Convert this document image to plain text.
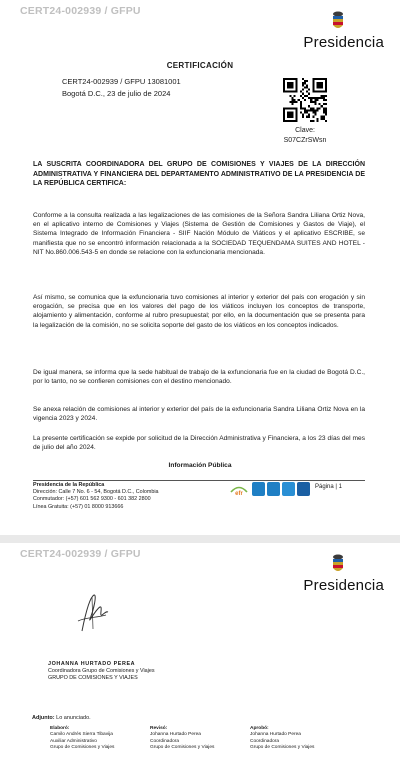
CERT24-002939 / GFPU
Presidencia
CERTIFICACIÓN
CERT24-002939 / GFPU 13081001
Bogotá D.C., 23 de julio de 2024
Clave:
S07CZrSWsn
LA SUSCRITA COORDINADORA DEL GRUPO DE COMISIONES Y VIAJES DE LA DIRECCIÓN ADMINISTRATIVA Y FINANCIERA DEL DEPARTAMENTO ADMINISTRATIVO DE LA PRESIDENCIA DE LA REPÚBLICA CERTIFICA:
Conforme a la consulta realizada a las legalizaciones de las comisiones de la Señora Sandra Liliana Ortiz Nova, en el aplicativo interno de Comisiones y Viajes (Sistema de Gestión de Comisiones y Gastos de Viaje), el Sistema Integrado de Información Financiera - SIIF Nación Módulo de Viáticos y el aplicativo ESCRIBE, se manifiesta que no se encontró información relacionada a la SOCIEDAD TEQUENDAMA SUITES AND HOTEL - NIT No.860.006.543-5 en donde se relacione con la exfuncionaria mencionada.
Así mismo, se comunica que la exfuncionaria tuvo comisiones al interior y exterior del país con erogación y sin erogación, se precisa que en los valores del pago de los viáticos incluyen los conceptos de transporte, alojamiento y alimentación, conforme al rubro presupuestal; por ello, en la documentación que se presenta para la legalización de la comisión, no se solicita soporte del gasto de los viáticos en los conceptos indicados.
De igual manera, se informa que la sede habitual de trabajo de la exfuncionaria fue en la ciudad de Bogotá D.C., por lo tanto, no se confieren comisiones con el destino mencionado.
Se anexa relación de comisiones al interior y exterior del país de la exfuncionaria Sandra Liliana Ortiz Nova en la vigencia 2023 y 2024.
La presente certificación se expide por solicitud de la Dirección Administrativa y Financiera, a los 23 días del mes de julio del año 2024.
Información Pública
Presidencia de la República
Dirección: Calle 7 No. 6 - 54, Bogotá D.C., Colombia
Conmutador: (+57) 601 562 9300 - 601 382 2800
Línea Gratuita: (+57) 01 8000 913666
efr
Página | 1
CERT24-002939 / GFPU
Presidencia
JOHANNA HURTADO PEREA
Coordinadora Grupo de Comisiones y Viajes
GRUPO DE COMISIONES Y VIAJES
Adjunto: Lo anunciado.
Elaboró:
Camilo Andrés Sierra Tibavija
Auxiliar Administrativo
Grupo de Comisiones y Viajes
Revisó:
Johanna Hurtado Perea
Coordinadora
Grupo de Comisiones y Viajes
Aprobó:
Johanna Hurtado Perea
Coordinadora
Grupo de Comisiones y Viajes
